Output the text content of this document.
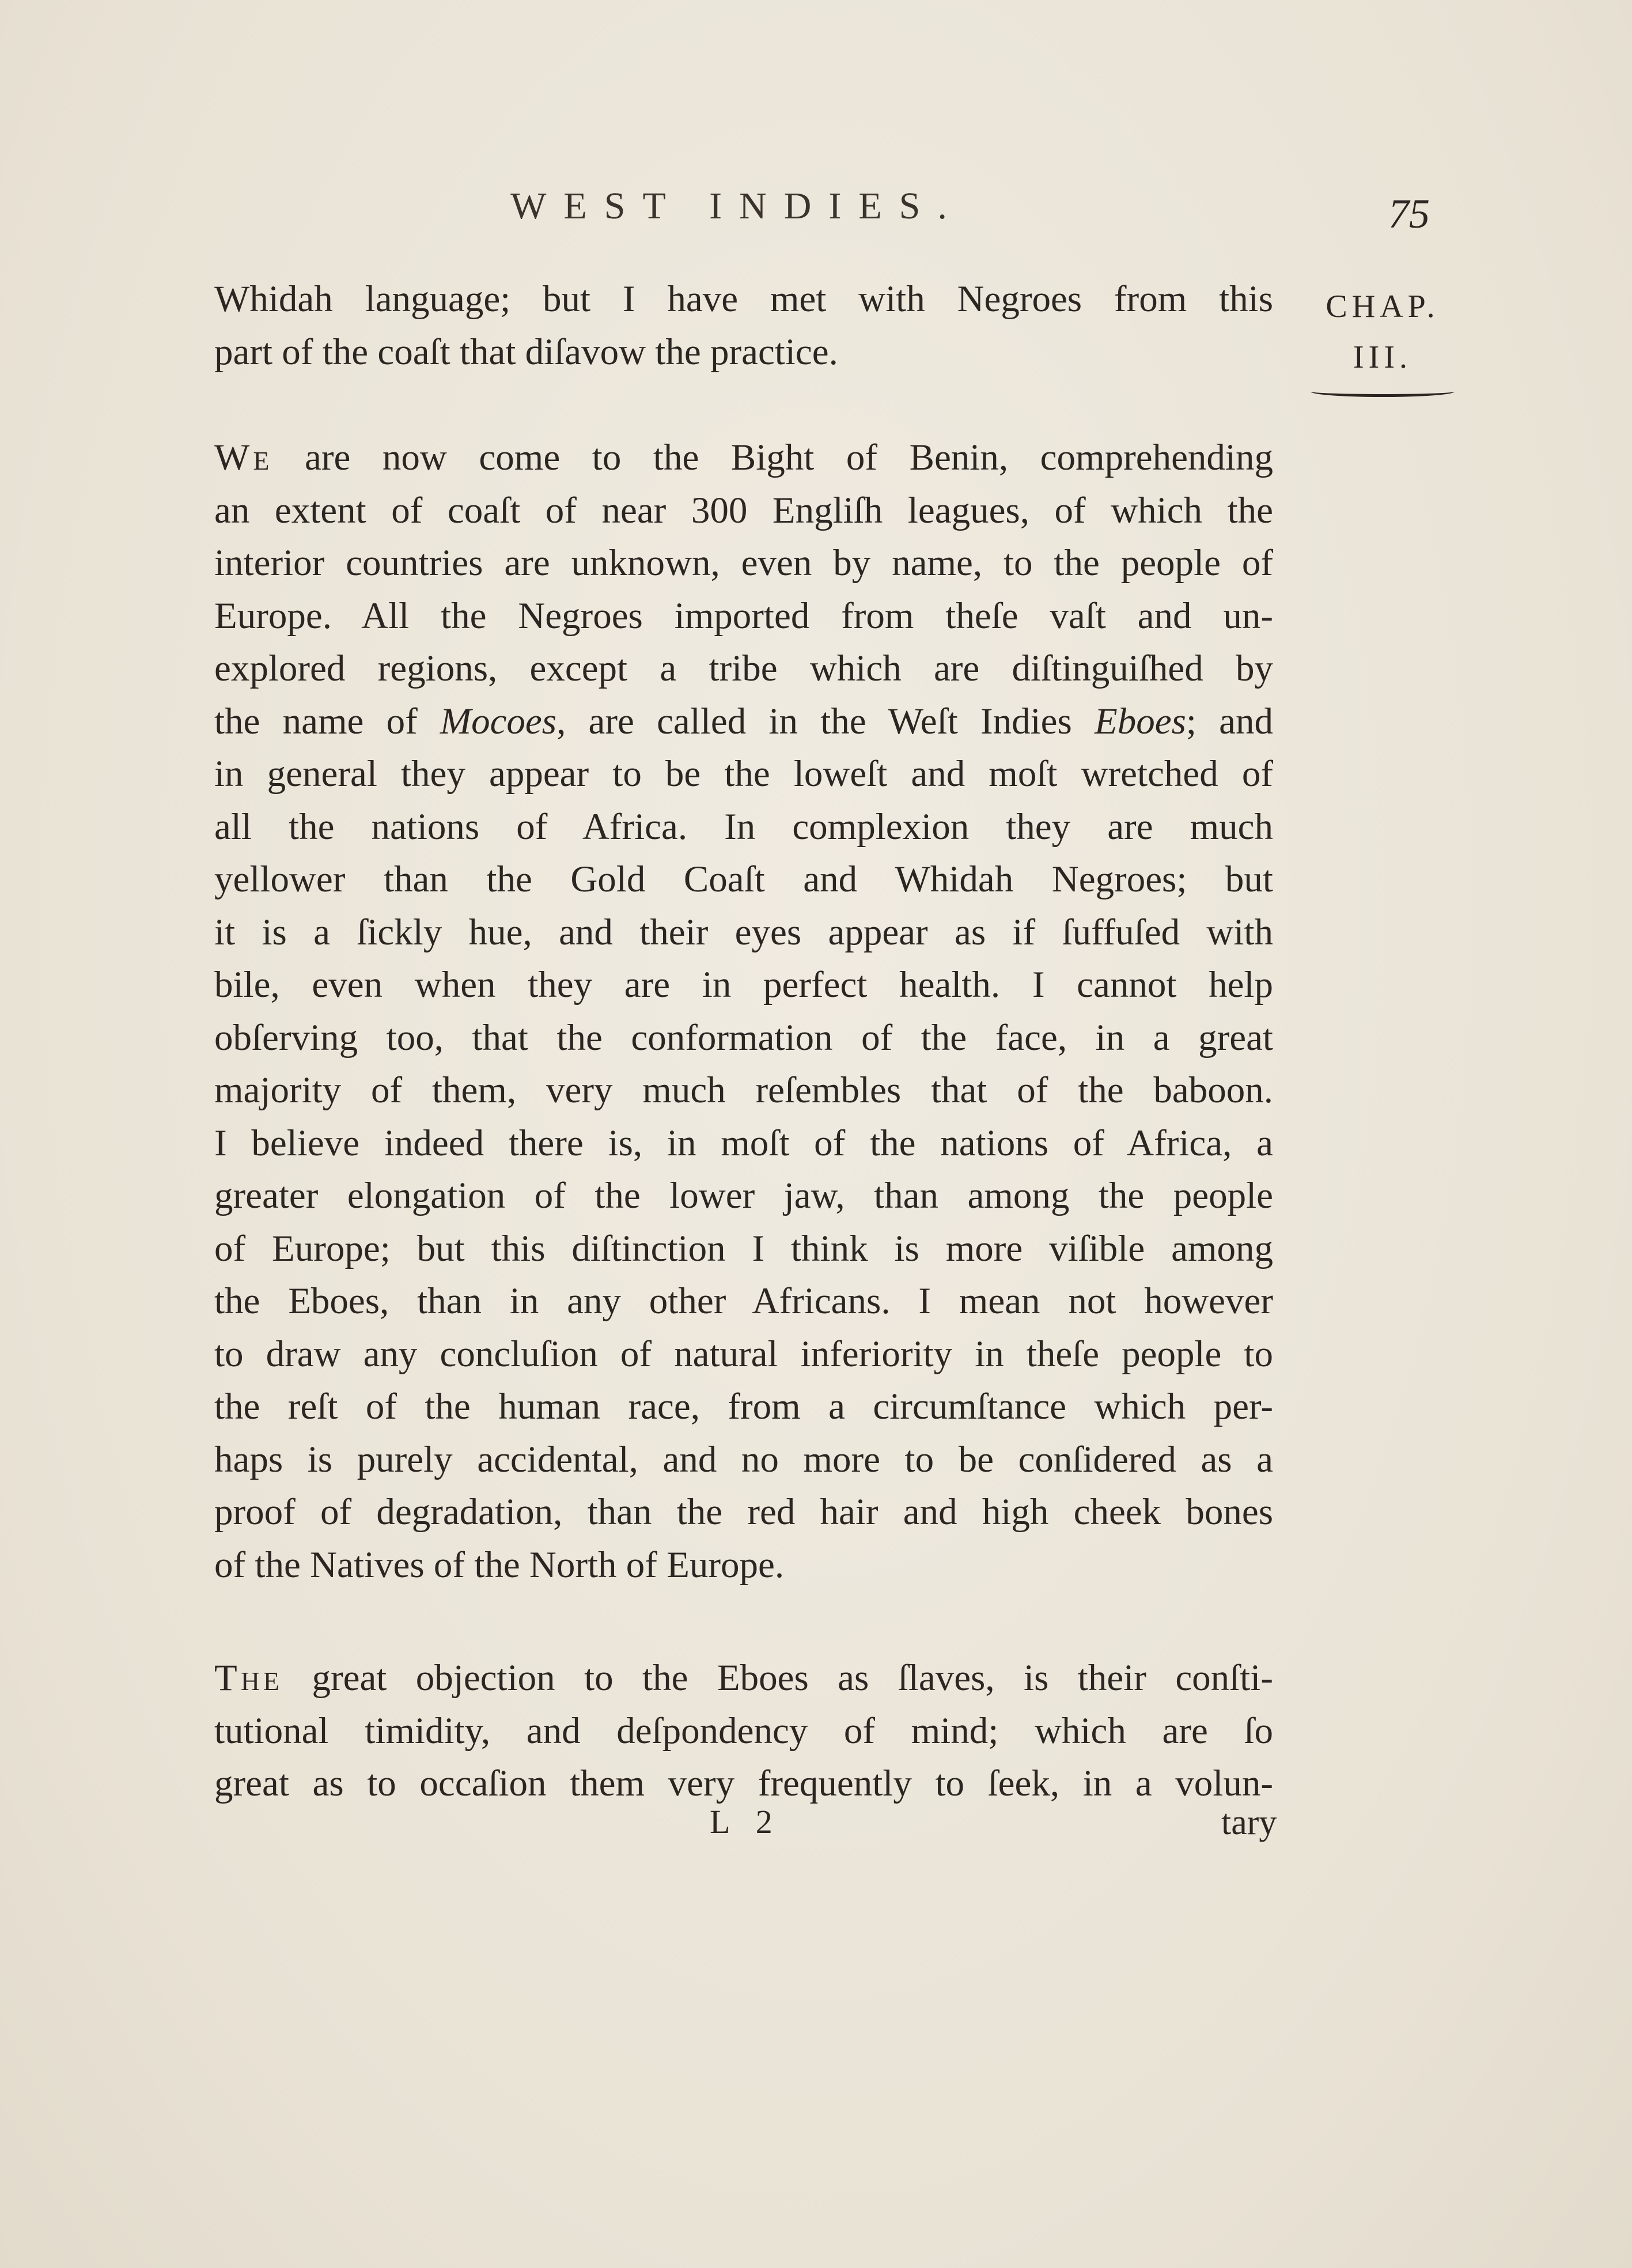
WEST INDIES.	75
CHAP.
III.

Whidah language; but I have met with Negroes from this
part of the coaſt that diſavow the practice.

We are now come to the Bight of Benin, comprehending
an extent of coaſt of near 300 Engliſh leagues, of which the
interior countries are unknown, even by name, to the people of
Europe. All the Negroes imported from theſe vaſt and un-
explored regions, except a tribe which are diſtinguiſhed by
the name of Mocoes, are called in the Weſt Indies Eboes; and
in general they appear to be the loweſt and moſt wretched of
all the nations of Africa. In complexion they are much
yellower than the Gold Coaſt and Whidah Negroes; but
it is a ſickly hue, and their eyes appear as if ſuffuſed with
bile, even when they are in perfect health. I cannot help
obſerving too, that the conformation of the face, in a great
majority of them, very much reſembles that of the baboon.
I believe indeed there is, in moſt of the nations of Africa, a
greater elongation of the lower jaw, than among the people
of Europe; but this diſtinction I think is more viſible among
the Eboes, than in any other Africans. I mean not however
to draw any concluſion of natural inferiority in theſe people to
the reſt of the human race, from a circumſtance which per-
haps is purely accidental, and no more to be conſidered as a
proof of degradation, than the red hair and high cheek bones
of the Natives of the North of Europe.

The great objection to the Eboes as ſlaves, is their conſti-
tutional timidity, and deſpondency of mind; which are ſo
great as to occaſion them very frequently to ſeek, in a volun-

L 2	tary
